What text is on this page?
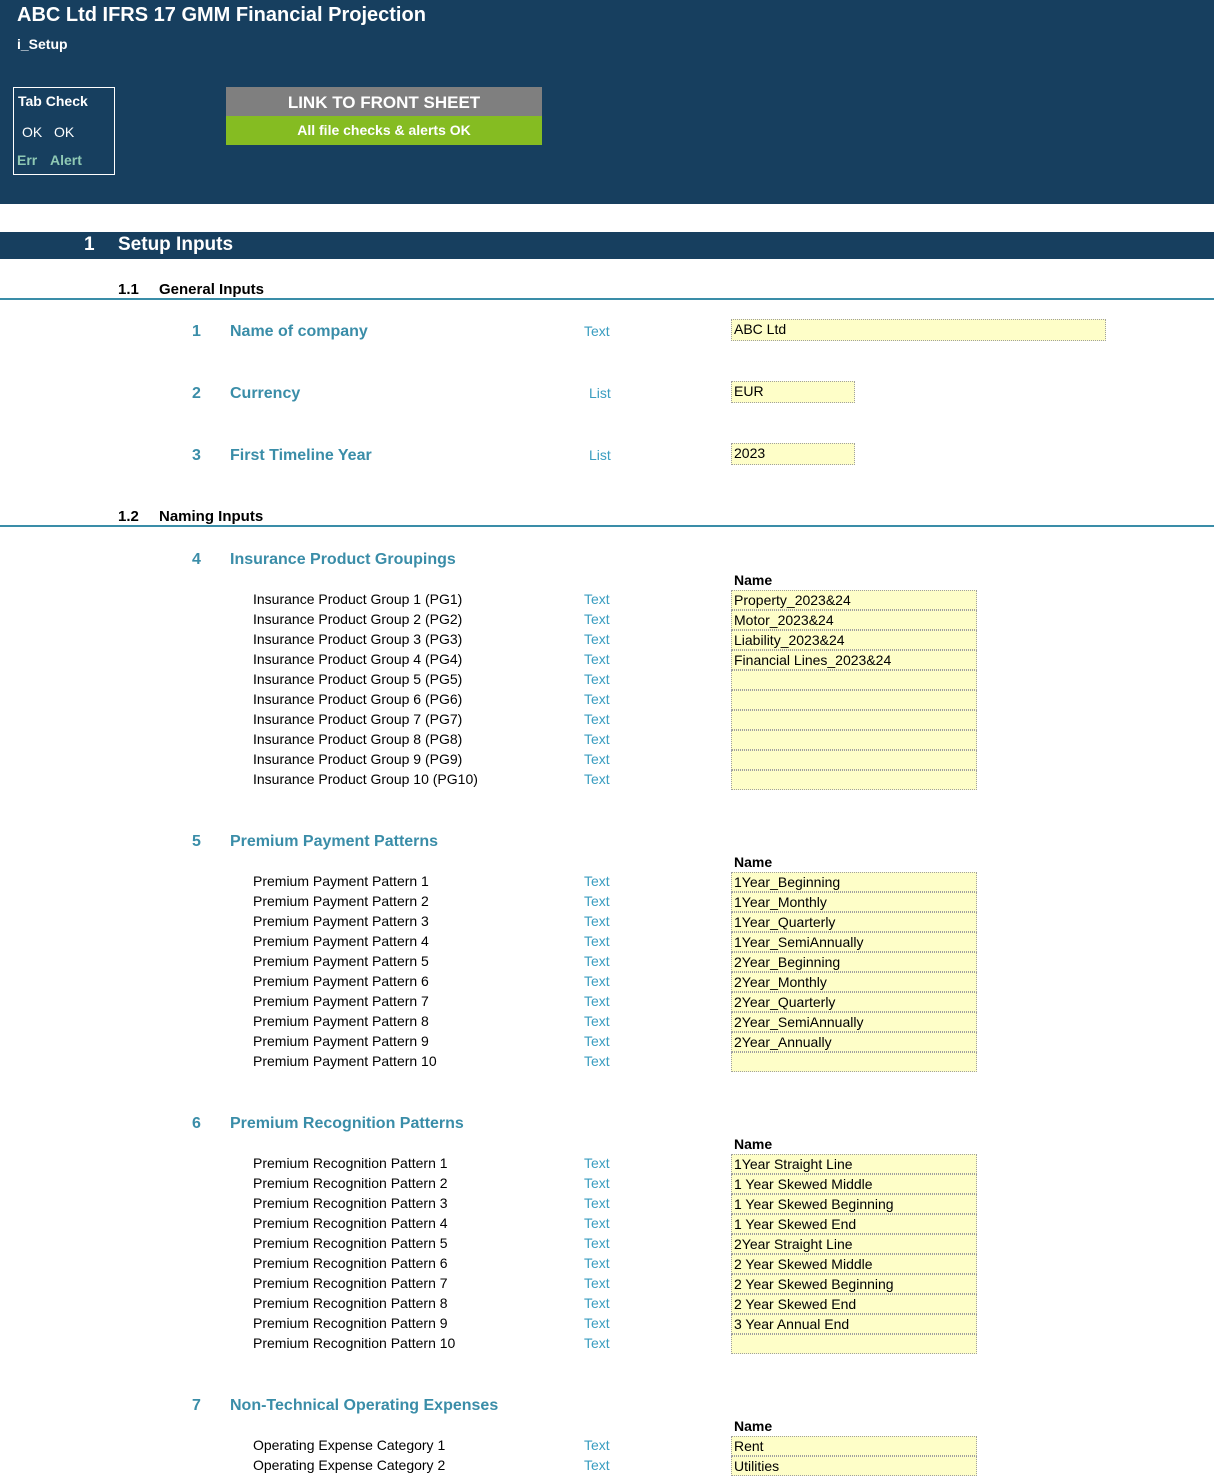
ABC Ltd IFRS 17 GMM Financial Projection
i_Setup
Tab Check
OK OK
Err Alert
LINK TO FRONT SHEET
All file checks & alerts OK
1 Setup Inputs
1.1 General Inputs
1 Name of company	Text	ABC Ltd
2 Currency	List	EUR
3 First Timeline Year	List	2023
1.2 Naming Inputs
4 Insurance Product Groupings
Name
Insurance Product Group 1 (PG1)	Text	Property_2023&24
Insurance Product Group 2 (PG2)	Text	Motor_2023&24
Insurance Product Group 3 (PG3)	Text	Liability_2023&24
Insurance Product Group 4 (PG4)	Text	Financial Lines_2023&24
Insurance Product Group 5 (PG5)	Text
Insurance Product Group 6 (PG6)	Text
Insurance Product Group 7 (PG7)	Text
Insurance Product Group 8 (PG8)	Text
Insurance Product Group 9 (PG9)	Text
Insurance Product Group 10 (PG10)	Text
5 Premium Payment Patterns
Name
Premium Payment Pattern 1	Text	1Year_Beginning
Premium Payment Pattern 2	Text	1Year_Monthly
Premium Payment Pattern 3	Text	1Year_Quarterly
Premium Payment Pattern 4	Text	1Year_SemiAnnually
Premium Payment Pattern 5	Text	2Year_Beginning
Premium Payment Pattern 6	Text	2Year_Monthly
Premium Payment Pattern 7	Text	2Year_Quarterly
Premium Payment Pattern 8	Text	2Year_SemiAnnually
Premium Payment Pattern 9	Text	2Year_Annually
Premium Payment Pattern 10	Text
6 Premium Recognition Patterns
Name
Premium Recognition Pattern 1	Text	1Year Straight Line
Premium Recognition Pattern 2	Text	1 Year Skewed Middle
Premium Recognition Pattern 3	Text	1 Year Skewed Beginning
Premium Recognition Pattern 4	Text	1 Year Skewed End
Premium Recognition Pattern 5	Text	2Year Straight Line
Premium Recognition Pattern 6	Text	2 Year Skewed Middle
Premium Recognition Pattern 7	Text	2 Year Skewed Beginning
Premium Recognition Pattern 8	Text	2 Year Skewed End
Premium Recognition Pattern 9	Text	3 Year Annual End
Premium Recognition Pattern 10	Text
7 Non-Technical Operating Expenses
Name
Operating Expense Category 1	Text	Rent
Operating Expense Category 2	Text	Utilities
